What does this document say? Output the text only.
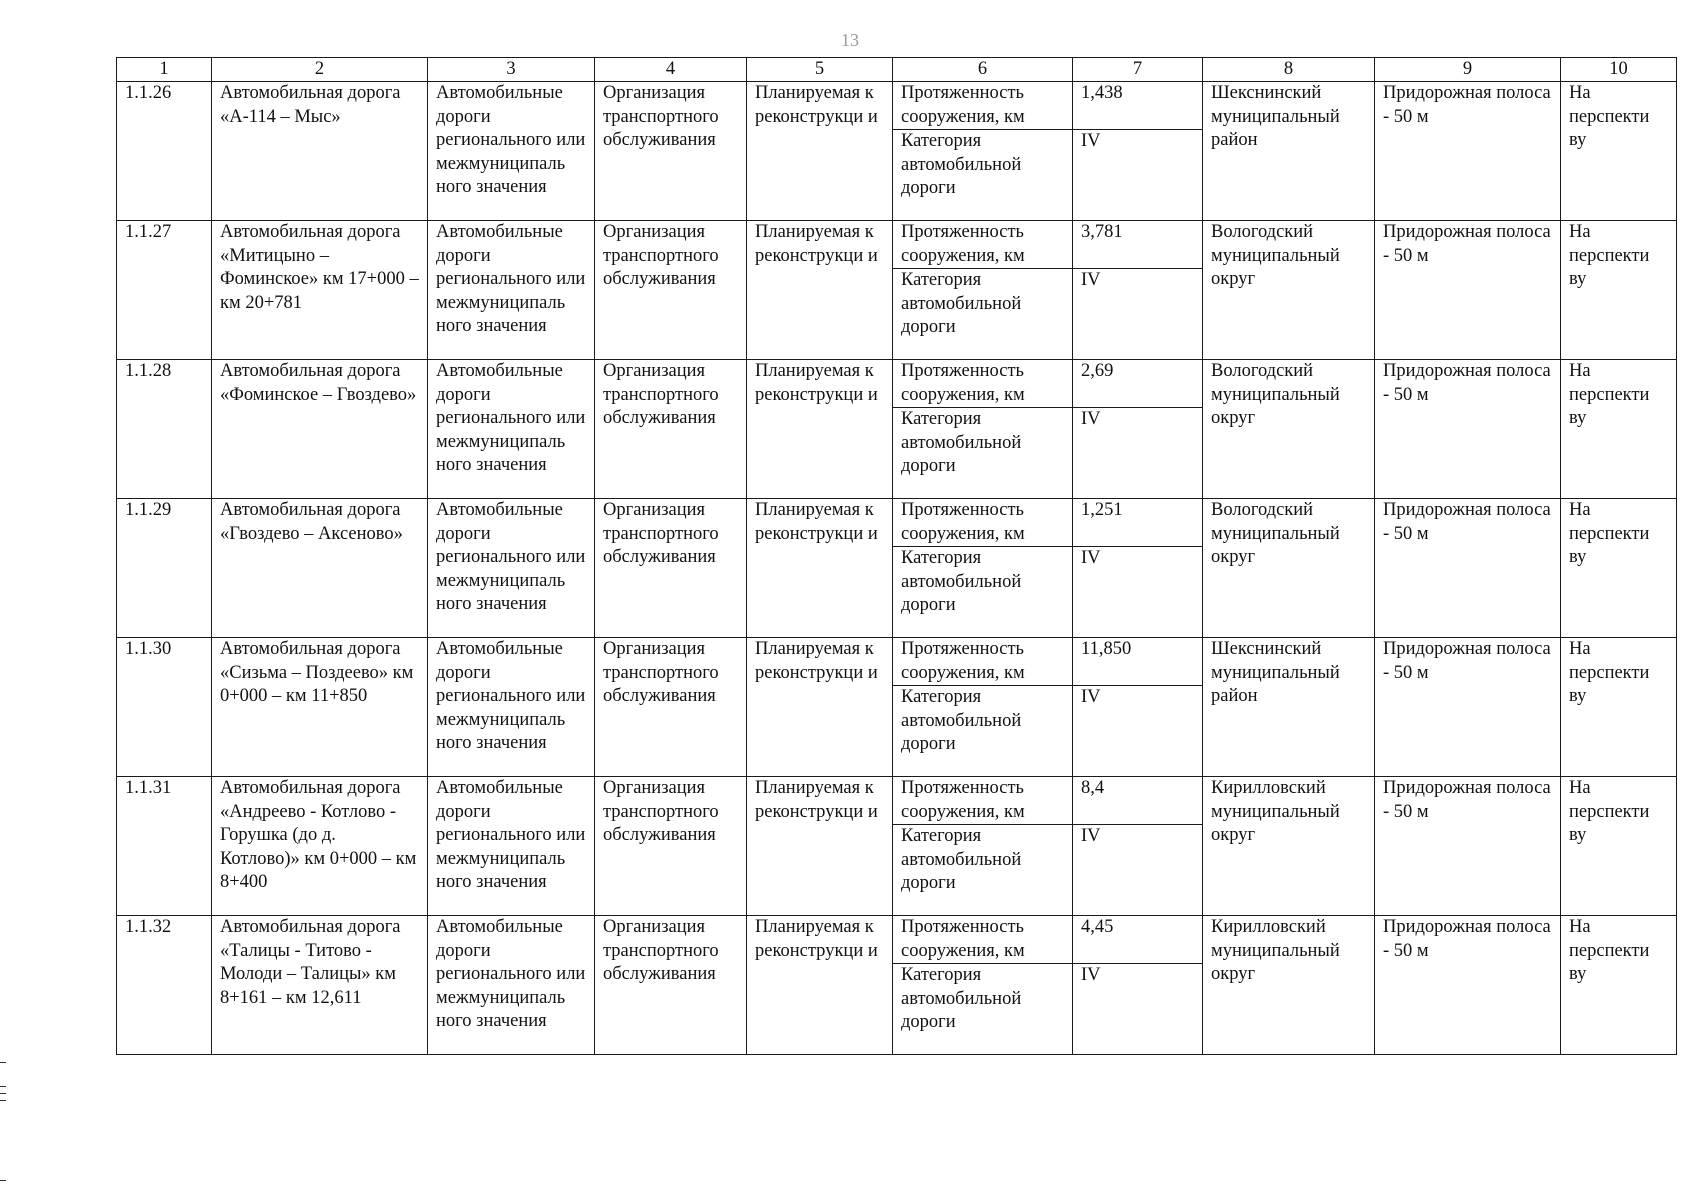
13
1	2	3	4	5	6	7	8	9	10
1.1.26	Автомобильная дорога «А-114 – Мыс»	Автомобильные дороги регионального или межмуниципаль ного значения	Организация транспортного обслуживания	Планируемая к реконструкци и	Протяженность сооружения, км	1,438	Шекснинский муниципальный район	Придорожная полоса - 50 м	На перспекти ву
					Категория автомобильной дороги	IV			
1.1.27	Автомобильная дорога «Митицыно – Фоминское» км 17+000 – км 20+781	Автомобильные дороги регионального или межмуниципаль ного значения	Организация транспортного обслуживания	Планируемая к реконструкци и	Протяженность сооружения, км	3,781	Вологодский муниципальный округ	Придорожная полоса - 50 м	На перспекти ву
					Категория автомобильной дороги	IV			
1.1.28	Автомобильная дорога «Фоминское – Гвоздево»	Автомобильные дороги регионального или межмуниципаль ного значения	Организация транспортного обслуживания	Планируемая к реконструкци и	Протяженность сооружения, км	2,69	Вологодский муниципальный округ	Придорожная полоса - 50 м	На перспекти ву
					Категория автомобильной дороги	IV			
1.1.29	Автомобильная дорога «Гвоздево – Аксеново»	Автомобильные дороги регионального или межмуниципаль ного значения	Организация транспортного обслуживания	Планируемая к реконструкци и	Протяженность сооружения, км	1,251	Вологодский муниципальный округ	Придорожная полоса - 50 м	На перспекти ву
					Категория автомобильной дороги	IV			
1.1.30	Автомобильная дорога «Сизьма – Поздеево» км 0+000 – км 11+850	Автомобильные дороги регионального или межмуниципаль ного значения	Организация транспортного обслуживания	Планируемая к реконструкци и	Протяженность сооружения, км	11,850	Шекснинский муниципальный район	Придорожная полоса - 50 м	На перспекти ву
					Категория автомобильной дороги	IV			
1.1.31	Автомобильная дорога «Андреево - Котлово - Горушка (до д. Котлово)» км 0+000 – км 8+400	Автомобильные дороги регионального или межмуниципаль ного значения	Организация транспортного обслуживания	Планируемая к реконструкци и	Протяженность сооружения, км	8,4	Кирилловский муниципальный округ	Придорожная полоса - 50 м	На перспекти ву
					Категория автомобильной дороги	IV			
1.1.32	Автомобильная дорога «Талицы - Титово - Молоди – Талицы» км 8+161 – км 12,611	Автомобильные дороги регионального или межмуниципаль ного значения	Организация транспортного обслуживания	Планируемая к реконструкци и	Протяженность сооружения, км	4,45	Кирилловский муниципальный округ	Придорожная полоса - 50 м	На перспекти ву
					Категория автомобильной дороги	IV			
